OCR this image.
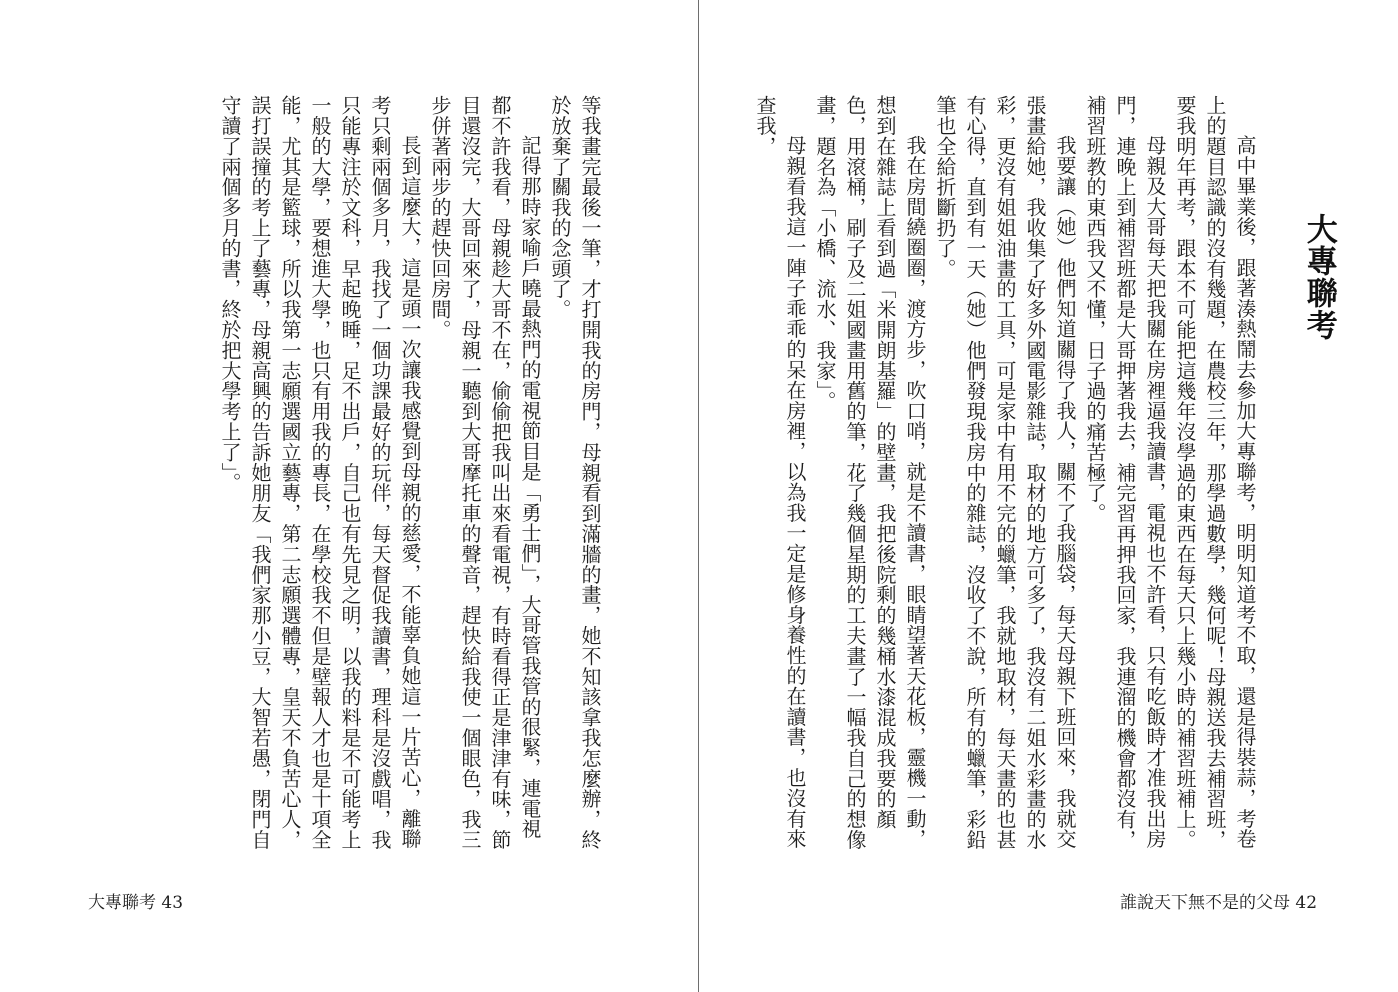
大專聯考

高中畢業後，跟著湊熱鬧去參加大專聯考，明明知道考不取，還是得裝蒜，考卷上的題目認識的沒有幾題，在農校三年，那學過數學，幾何呢！母親送我去補習班，要我明年再考，跟本不可能把這幾年沒學過的東西在每天只上幾小時的補習班補上。

母親及大哥每天把我關在房裡逼我讀書，電視也不許看，只有吃飯時才准我出房門，連晚上到補習班都是大哥押著我去，補完習再押我回家，我連溜的機會都沒有，補習班教的東西我又不懂，日子過的痛苦極了。

我要讓（她）他們知道關得了我人，關不了我腦袋，每天母親下班回來，我就交張畫給她，我收集了好多外國電影雜誌，取材的地方可多了，我沒有二姐水彩畫的水彩，更沒有姐姐油畫的工具，可是家中有用不完的蠟筆，我就地取材，每天畫的也甚有心得，直到有一天（她）他們發現我房中的雜誌，沒收了不說，所有的蠟筆，彩鉛筆也全給折斷扔了。

我在房間繞圈圈，渡方步，吹口哨，就是不讀書，眼睛望著天花板，靈機一動，想到在雜誌上看到過「米開朗基羅」的壁畫，我把後院剩的幾桶水漆混成我要的顏色，用滾桶，刷子及二姐國畫用舊的筆，花了幾個星期的工夫畫了一幅我自己的想像畫，題名為「小橋、流水、我家」。

母親看我這一陣子乖乖的呆在房裡，以為我一定是修身養性的在讀書，也沒有來查我，

誰說天下無不是的父母 42

等我畫完最後一筆，才打開我的房門，母親看到滿牆的畫，她不知該拿我怎麼辦，終於放棄了關我的念頭了。

記得那時家喻戶曉最熱門的電視節目是「勇士們」，大哥管我管的很緊，連電視都不許我看，母親趁大哥不在，偷偷把我叫出來看電視，有時看得正是津津有味，節目還沒完，大哥回來了，母親一聽到大哥摩托車的聲音，趕快給我使一個眼色，我三步併著兩步的趕快回房間。

長到這麼大，這是頭一次讓我感覺到母親的慈愛，不能辜負她這一片苦心，離聯考只剩兩個多月，我找了一個功課最好的玩伴，每天督促我讀書，理科是沒戲唱，我只能專注於文科，早起晚睡，足不出戶，自己也有先見之明，以我的料是不可能考上一般的大學，要想進大學，也只有用我的專長，在學校我不但是壁報人才也是十項全能，尤其是籃球，所以我第一志願選國立藝專，第二志願選體專，皇天不負苦心人，誤打誤撞的考上了藝專，母親高興的告訴她朋友「我們家那小豆，大智若愚，閉門自守讀了兩個多月的書，終於把大學考上了」。

大專聯考 43
